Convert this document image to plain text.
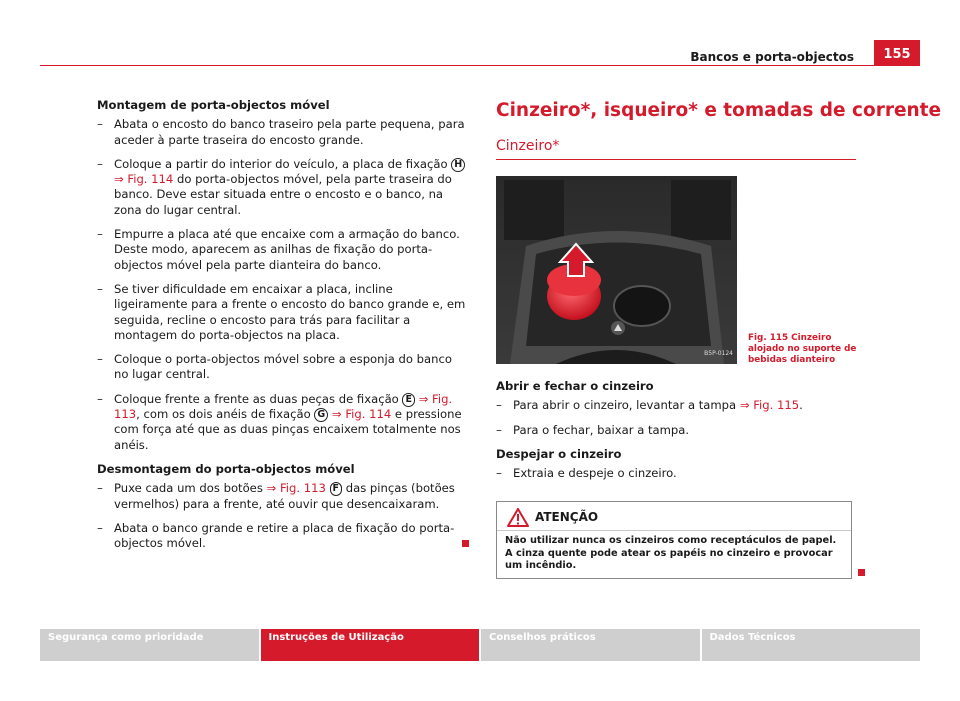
Bancos e porta-objectos	155
Montagem de porta-objectos móvel
– Abata o encosto do banco traseiro pela parte pequena, para aceder à parte traseira do encosto grande.
– Coloque a partir do interior do veículo, a placa de fixação H ⇒ Fig. 114 do porta-objectos móvel, pela parte traseira do banco. Deve estar situada entre o encosto e o banco, na zona do lugar central.
– Empurre a placa até que encaixe com a armação do banco. Deste modo, aparecem as anilhas de fixação do porta-objectos móvel pela parte dianteira do banco.
– Se tiver dificuldade em encaixar a placa, incline ligeiramente para a frente o encosto do banco grande e, em seguida, recline o encosto para trás para facilitar a montagem do porta-objectos na placa.
– Coloque o porta-objectos móvel sobre a esponja do banco no lugar central.
– Coloque frente a frente as duas peças de fixação E ⇒ Fig. 113, com os dois anéis de fixação G ⇒ Fig. 114 e pressione com força até que as duas pinças encaixem totalmente nos anéis.
Desmontagem do porta-objectos móvel
– Puxe cada um dos botões ⇒ Fig. 113 F das pinças (botões vermelhos) para a frente, até ouvir que desencaixaram.
– Abata o banco grande e retire a placa de fixação do porta-objectos móvel.
Cinzeiro*, isqueiro* e tomadas de corrente
Cinzeiro*
B5P-0124
Fig. 115 Cinzeiro alojado no suporte de bebidas dianteiro
Abrir e fechar o cinzeiro
– Para abrir o cinzeiro, levantar a tampa ⇒ Fig. 115.
– Para o fechar, baixar a tampa.
Despejar o cinzeiro
– Extraia e despeje o cinzeiro.
ATENÇÃO
Não utilizar nunca os cinzeiros como receptáculos de papel. A cinza quente pode atear os papéis no cinzeiro e provocar um incêndio.
Segurança como prioridade	Instruções de Utilização	Conselhos práticos	Dados Técnicos
